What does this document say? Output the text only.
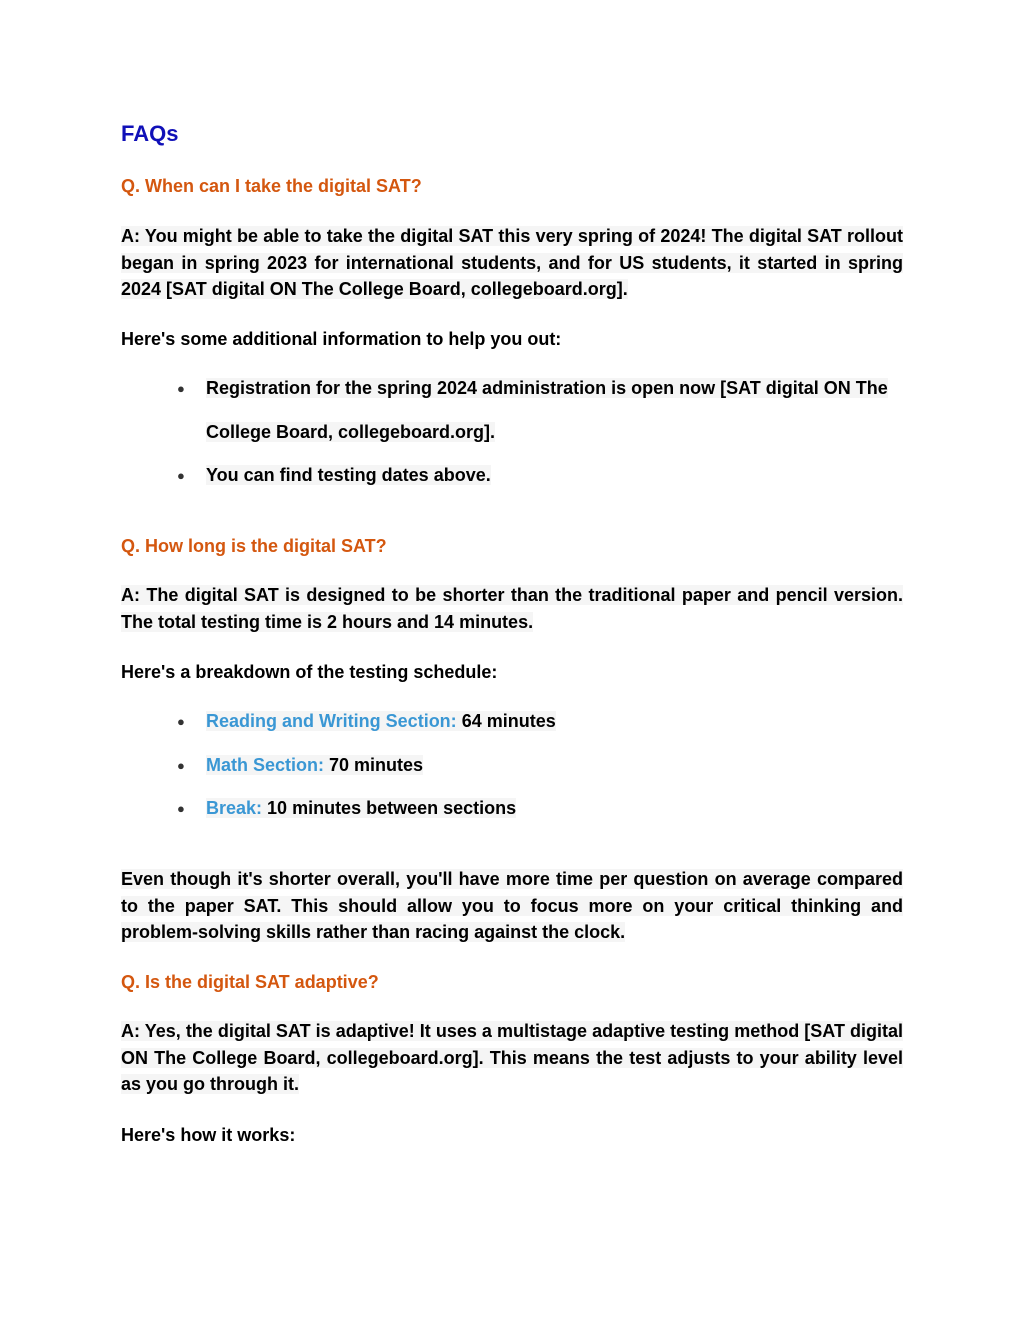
FAQs

Q. When can I take the digital SAT?

A: You might be able to take the digital SAT this very spring of 2024! The digital SAT rollout began in spring 2023 for international students, and for US students, it started in spring 2024 [SAT digital ON The College Board, collegeboard.org].

Here's some additional information to help you out:

● Registration for the spring 2024 administration is open now [SAT digital ON The College Board, collegeboard.org].
● You can find testing dates above.

Q. How long is the digital SAT?

A: The digital SAT is designed to be shorter than the traditional paper and pencil version. The total testing time is 2 hours and 14 minutes.

Here's a breakdown of the testing schedule:

● Reading and Writing Section: 64 minutes
● Math Section: 70 minutes
● Break: 10 minutes between sections

Even though it's shorter overall, you'll have more time per question on average compared to the paper SAT. This should allow you to focus more on your critical thinking and problem-solving skills rather than racing against the clock.

Q. Is the digital SAT adaptive?

A: Yes, the digital SAT is adaptive! It uses a multistage adaptive testing method [SAT digital ON The College Board, collegeboard.org]. This means the test adjusts to your ability level as you go through it.

Here's how it works:
